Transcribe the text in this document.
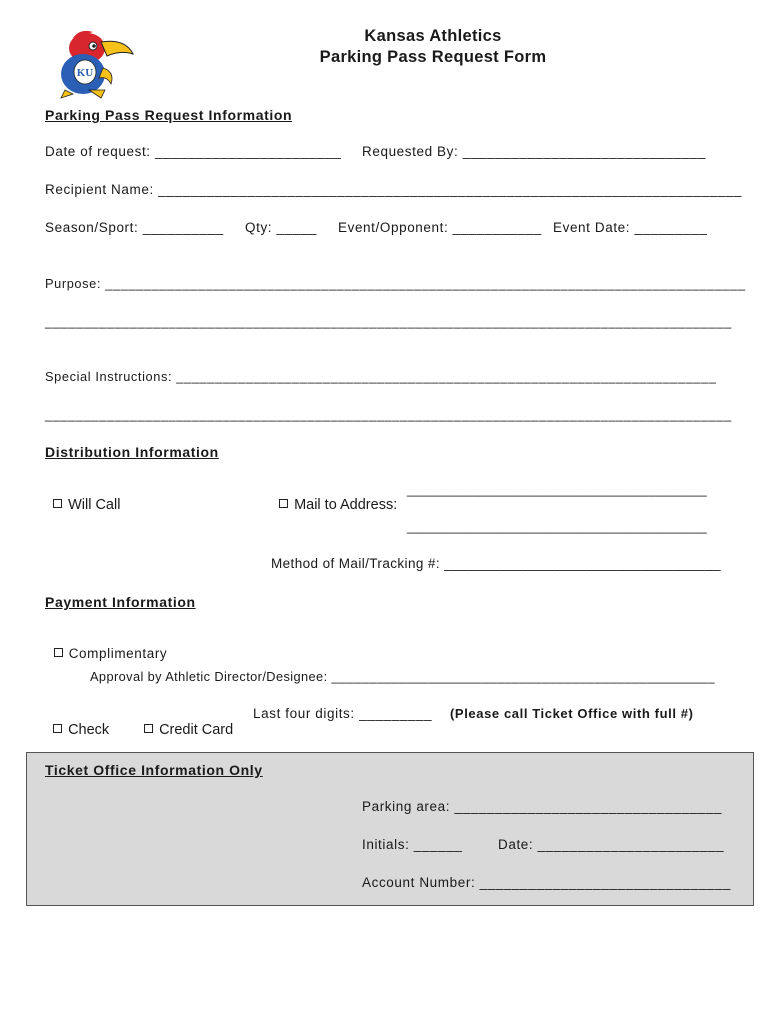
KU

Kansas Athletics
Parking Pass Request Form
Parking Pass Request Information
Date of request: _______________________ Requested By: ______________________________
Recipient Name: ________________________________________________________________________
Season/Sport: __________ Qty: _____ Event/Opponent: ___________ Event Date: _________
Purpose: ___________________________________________________________________________________
_________________________________________________________________________________________
Special Instructions: ______________________________________________________________________
_________________________________________________________________________________________
Distribution Information

Will Call	Mail to Address:

_________________________________________
_________________________________________
Method of Mail/Tracking #: ___________________________________
Payment Information

Complimentary

Approval by Athletic Director/Designee: ___________________________________________________

Check	Credit Card

Last four digits: _________ (Please call Ticket Office with full #)
Ticket Office Information Only
Parking area: _________________________________
Initials: ______	Date: _______________________
Account Number: _______________________________
